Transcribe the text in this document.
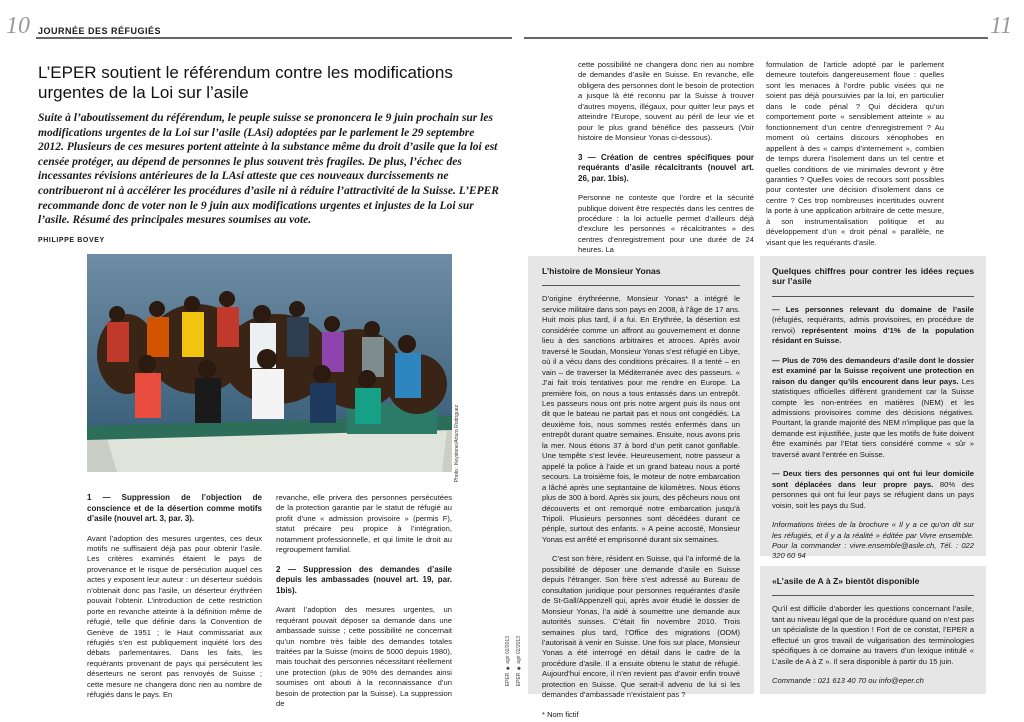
10 JOURNÉE DES RÉFUGIÉS	11
L’EPER soutient le référendum contre les modifications urgentes de la Loi sur l’asile
Suite à l’aboutissement du référendum, le peuple suisse se prononcera le 9 juin prochain sur les modifications urgentes de la Loi sur l’asile (LAsi) adoptées par le parlement le 29 septembre 2012. Plusieurs de ces mesures portent atteinte à la substance même du droit d’asile que la loi est censée protéger, au dépend de personnes le plus souvent très fragiles. De plus, l’échec des incessantes révisions antérieures de la LAsi atteste que ces nouveaux durcissements ne contribueront ni à accélérer les procédures d’asile ni à réduire l’attractivité de la Suisse. L’EPER recommande donc de voter non le 9 juin aux modifications urgentes et injustes de la Loi sur l’asile. Résumé des principales mesures soumises au vote.
PHILIPPE BOVEY
Photo : Keystone/Arturo Rodriguez

1 — Suppression de l’objection de conscience et de la désertion comme motifs d’asile (nouvel art. 3, par. 3).

Avant l’adoption des mesures urgentes, ces deux motifs ne suffisaient déjà pas pour obtenir l’asile. Les critères examinés étaient le pays de provenance et le risque de persécution auquel ces actes y exposent leur auteur : un déserteur suédois n’obtenait donc pas l’asile, un déserteur érythréen pouvait l’obtenir. L’introduction de cette restriction porte en revanche atteinte à la définition même de réfugié, telle que définie dans la Convention de Genève de 1951 ; le Haut commissariat aux réfugiés s’en est publiquement inquiété lors des débats parlementaires. Dans les faits, les requérants provenant de pays qui persécutent les déserteurs ne seront pas renvoyés de Suisse ; cette mesure ne changera donc rien au nombre de réfugiés dans le pays. En

revanche, elle privera des personnes persécutées de la protection garantie par le statut de réfugié au profit d’une « admission provisoire » (permis F), statut précaire peu propice à l’intégration, notamment professionnelle, et qui limite le droit au regroupement familial.

2 — Suppression des demandes d’asile depuis les ambassades (nouvel art. 19, par. 1bis).

Avant l’adoption des mesures urgentes, un requérant pouvait déposer sa demande dans une ambassade suisse ; cette possibilité ne concernait qu’un nombre très faible des demandes totales traitées par la Suisse (moins de 5000 depuis 1980), mais touchait des personnes nécessitant réellement une protection (plus de 90% des demandes ainsi soumises ont abouti à la reconnaissance d’un besoin de protection par la Suisse). La suppression de

cette possibilité ne changera donc rien au nombre de demandes d’asile en Suisse. En revanche, elle obligera des personnes dont le besoin de protection a jusque là été reconnu par la Suisse à trouver d’autres moyens, illégaux, pour quitter leur pays et atteindre l’Europe, souvent au péril de leur vie et pour le plus grand bénéfice des passeurs (Voir histoire de Monsieur Yonas ci-dessous).

3 — Création de centres spécifiques pour requérants d’asile récalcitrants (nouvel art. 26, par. 1bis).

Personne ne conteste que l’ordre et la sécurité publique doivent être respectés dans les centres de procédure : la loi actuelle permet d’ailleurs déjà d’exclure les personnes « récalcitrantes » des centres d’enregistrement pour une durée de 24 heures. La

formulation de l’article adopté par le parlement demeure toutefois dangereusement floue : quelles sont les menaces à l’ordre public visées qui ne soient pas déjà poursuivies par la loi, en particulier dans le code pénal ? Qui décidera qu’un comportement porte « sensiblement atteinte » au fonctionnement d’un centre d’enregistrement ? Au moment où certains discours xénophobes en appellent à des « camps d’internement », combien de temps durera l’isolement dans un tel centre et quelles conditions de vie minimales devront y être garanties ? Quelles voies de recours sont possibles pour contester une décision d’isolement dans ce centre ? Ces trop nombreuses incertitudes ouvrent la porte à une application arbitraire de cette mesure, à son instrumentalisation politique et au développement d’un « droit pénal » parallèle, ne visant que les requérants d’asile.

EPER ◆ agir 02/2013 EPER ◆ agir 02/2013

L’histoire de Monsieur Yonas

D’origine érythréenne, Monsieur Yonas* a intégré le service militaire dans son pays en 2008, à l’âge de 17 ans. Huit mois plus tard, il a fui. En Erythrée, la désertion est considérée comme un affront au gouvernement et donne lieu à des sanctions arbitraires et atroces. Après avoir traversé le Soudan, Monsieur Yonas s’est réfugié en Libye, où il a vécu dans des conditions précaires. Il a tenté – en vain – de traverser la Méditerranée avec des passeurs. « J’ai fait trois tentatives pour me rendre en Europe. La première fois, on nous a tous entassés dans un entrepôt. Les passeurs nous ont pris notre argent puis ils nous ont dit que le bateau ne partait pas et nous ont congédiés. La deuxième fois, nous sommes restés enfermés dans un entrepôt durant quatre semaines. Ensuite, nous avons pris la mer. Nous étions 37 à bord d’un petit canot gonflable. Une tempête s’est levée. Heureusement, notre passeur a appelé la police à l’aide et un grand bateau nous a porté secours. La troisième fois, le moteur de notre embarcation a lâché après une septantaine de kilomètres. Nous étions plus de 300 à bord. Après six jours, des pêcheurs nous ont découverts et ont remorqué notre embarcation jusqu’à Tripoli. Plusieurs personnes sont décédées durant ce périple, surtout des enfants. » A peine accosté, Monsieur Yonas est arrêté et emprisonné durant six semaines.

C’est son frère, résident en Suisse, qui l’a informé de la possibilité de déposer une demande d’asile en Suisse depuis l’étranger. Son frère s’est adressé au Bureau de consultation juridique pour personnes requérantes d’asile de St-Gall/Appenzell qui, après avoir étudié le dossier de Monsieur Yonas, l’a aidé à soumettre une demande aux autorités suisses. C’était fin novembre 2010. Trois semaines plus tard, l’Office des migrations (ODM) l’autorisait à venir en Suisse. Une fois sur place, Monsieur Yonas a été interrogé en détail dans le cadre de la procédure d’asile. Il a ensuite obtenu le statut de réfugié. Aujourd’hui encore, il n’en revient pas d’avoir enfin trouvé protection en Suisse. Que serait-il advenu de lui si les demandes d’ambassade n’existaient pas ?

* Nom fictif

Quelques chiffres pour contrer les idées reçues sur l’asile

— Les personnes relevant du domaine de l’asile (réfugiés, requérants, admis provisoires, en procédure de renvoi) représentent moins d’1% de la population résidant en Suisse.

— Plus de 70% des demandeurs d’asile dont le dossier est examiné par la Suisse reçoivent une protection en raison du danger qu’ils encourent dans leur pays. Les statistiques officielles diffèrent grandement car la Suisse compte les non-entrées en matières (NEM) et les admissions provisoires comme des décisions négatives. Pourtant, la grande majorité des NEM n’implique pas que la demande est injustifiée, juste que les motifs de fuite doivent être examinés par l’Etat tiers considéré comme « sûr » traversé avant l’entrée en Suisse.

— Deux tiers des personnes qui ont fui leur domicile sont déplacées dans leur propre pays. 80% des personnes qui ont fui leur pays se réfugient dans un pays voisin, soit les pays du Sud.

Informations tirées de la brochure « Il y a ce qu’on dit sur les réfugiés, et il y a la réalité » éditée par Vivre ensemble. Pour la commander : vivre.ensemble@asile.ch, Tél. : 022 320 60 94

«L’asile de A à Z» bientôt disponible

Qu’il est difficile d’aborder les questions concernant l’asile, tant au niveau légal que de la procédure quand on n’est pas un spécialiste de la question ! Fort de ce constat, l’EPER a effectué un gros travail de vulgarisation des terminologies spécifiques à ce domaine au travers d’un lexique intitulé « L’asile de A à Z ». Il sera disponible à partir du 15 juin.

Commande : 021 613 40 70 ou info@eper.ch
